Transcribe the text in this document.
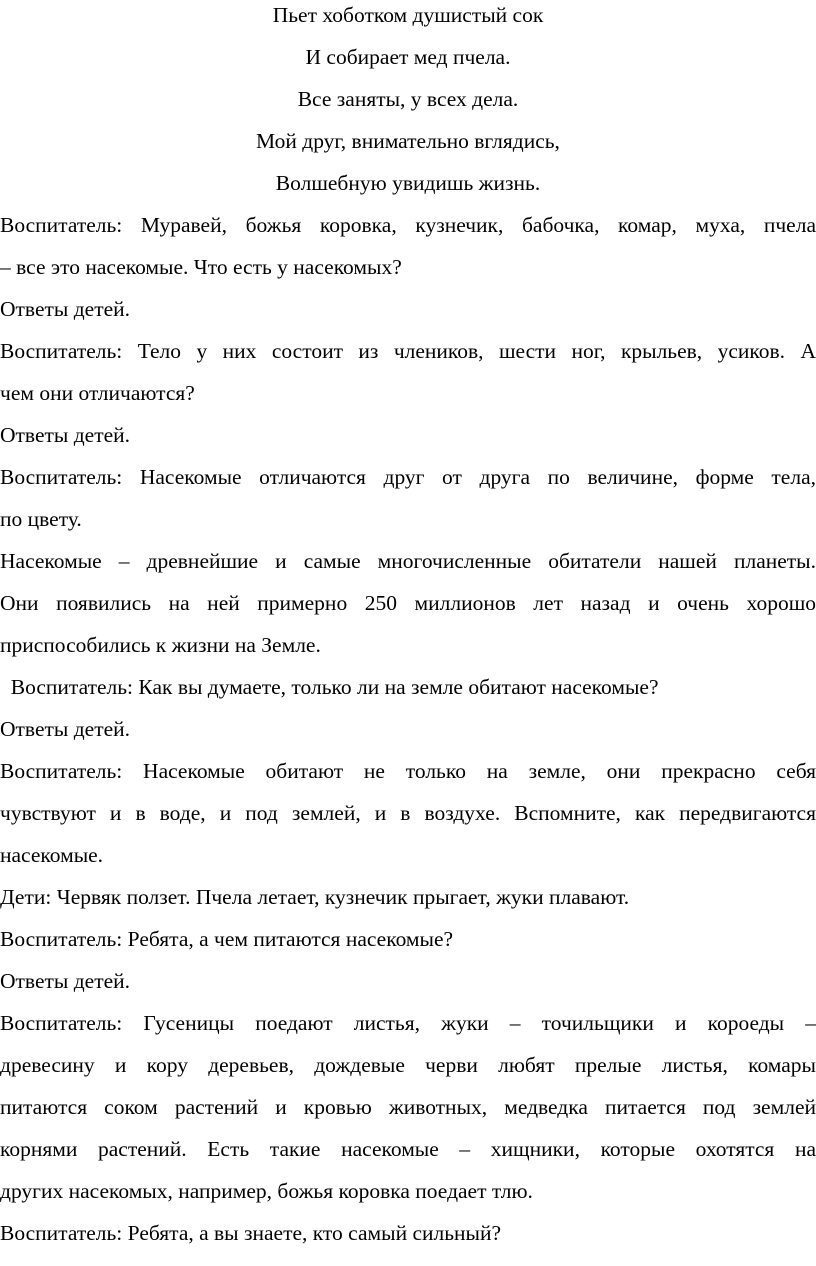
Пьет хоботком душистый сок
И собирает мед пчела.
Все заняты, у всех дела.
Мой друг, внимательно вглядись,
Волшебную увидишь жизнь.
Воспитатель: Муравей, божья коровка, кузнечик, бабочка, комар, муха, пчела
– все это насекомые. Что есть у насекомых?
Ответы детей.
Воспитатель: Тело у них состоит из члеников, шести ног, крыльев, усиков. А
чем они отличаются?
Ответы детей.
Воспитатель: Насекомые отличаются друг от друга по величине, форме тела,
по цвету.
Насекомые – древнейшие и самые многочисленные обитатели нашей планеты.
Они появились на ней примерно 250 миллионов лет назад и очень хорошо
приспособились к жизни на Земле.
Воспитатель: Как вы думаете, только ли на земле обитают насекомые?
Ответы детей.
Воспитатель: Насекомые обитают не только на земле, они прекрасно себя
чувствуют и в воде, и под землей, и в воздухе. Вспомните, как передвигаются
насекомые.
Дети: Червяк ползет. Пчела летает, кузнечик прыгает, жуки плавают.
Воспитатель: Ребята, а чем питаются насекомые?
Ответы детей.
Воспитатель: Гусеницы поедают листья, жуки – точильщики и короеды –
древесину и кору деревьев, дождевые черви любят прелые листья, комары
питаются соком растений и кровью животных, медведка питается под землей
корнями растений. Есть такие насекомые – хищники, которые охотятся на
других насекомых, например, божья коровка поедает тлю.
Воспитатель: Ребята, а вы знаете, кто самый сильный?
